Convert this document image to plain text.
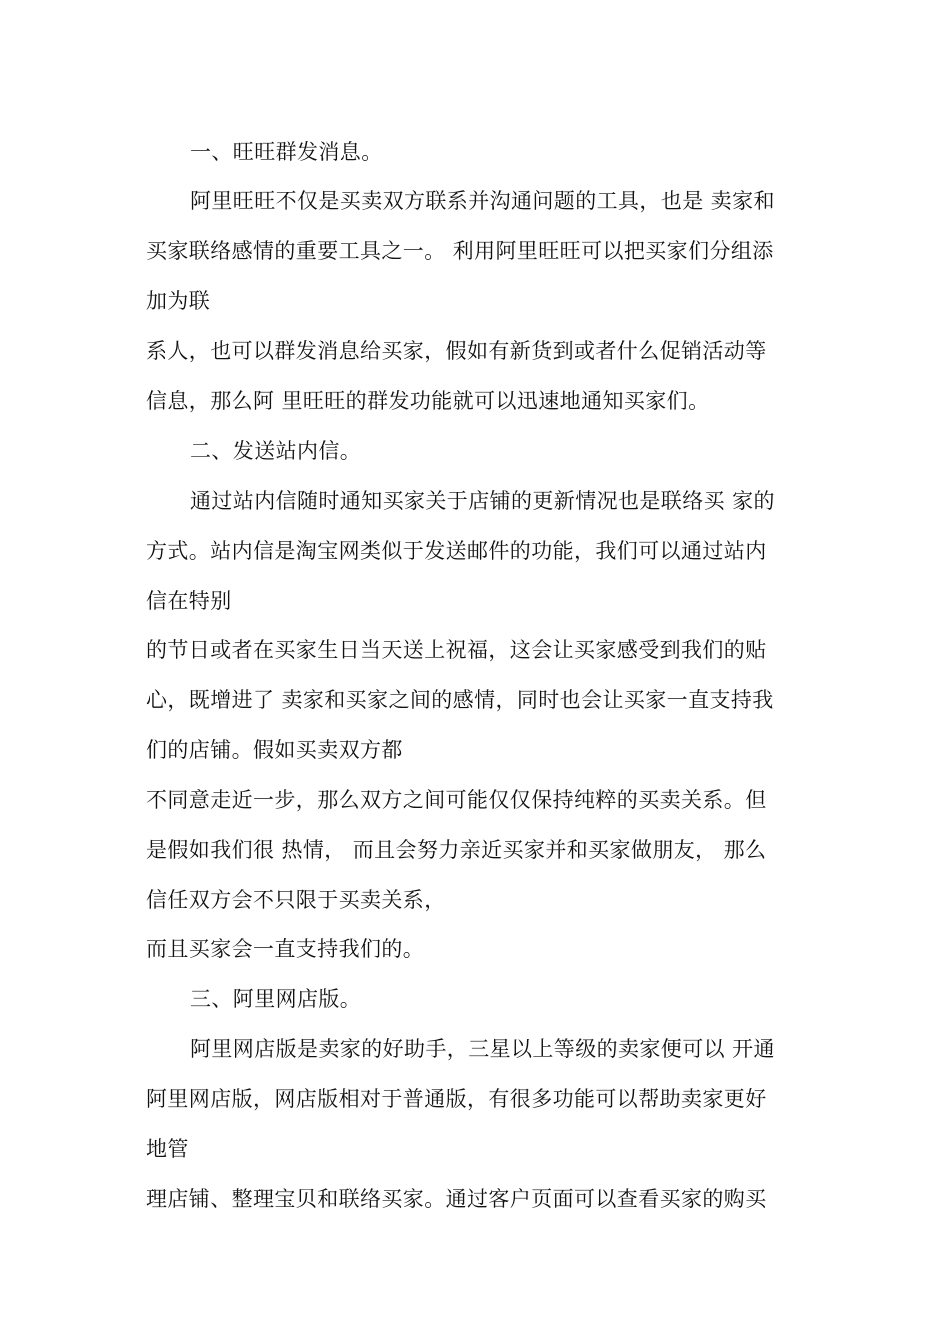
一、旺旺群发消息。
阿里旺旺不仅是买卖双方联系并沟通问题的工具，也是 卖家和
买家联络感情的重要工具之一。 利用阿里旺旺可以把买家们分组添
加为联
系人，也可以群发消息给买家，假如有新货到或者什么促销活动等
信息，那么阿 里旺旺的群发功能就可以迅速地通知买家们。
二、发送站内信。
通过站内信随时通知买家关于店铺的更新情况也是联络买 家的
方式。站内信是淘宝网类似于发送邮件的功能，我们可以通过站内
信在特别
的节日或者在买家生日当天送上祝福，这会让买家感受到我们的贴
心，既增进了 卖家和买家之间的感情，同时也会让买家一直支持我
们的店铺。假如买卖双方都
不同意走近一步，那么双方之间可能仅仅保持纯粹的买卖关系。但
是假如我们很 热情， 而且会努力亲近买家并和买家做朋友， 那么
信任双方会不只限于买卖关系，
而且买家会一直支持我们的。
三、阿里网店版。
阿里网店版是卖家的好助手，三星以上等级的卖家便可以 开通
阿里网店版，网店版相对于普通版，有很多功能可以帮助卖家更好
地管
理店铺、整理宝贝和联络买家。通过客户页面可以查看买家的购买
